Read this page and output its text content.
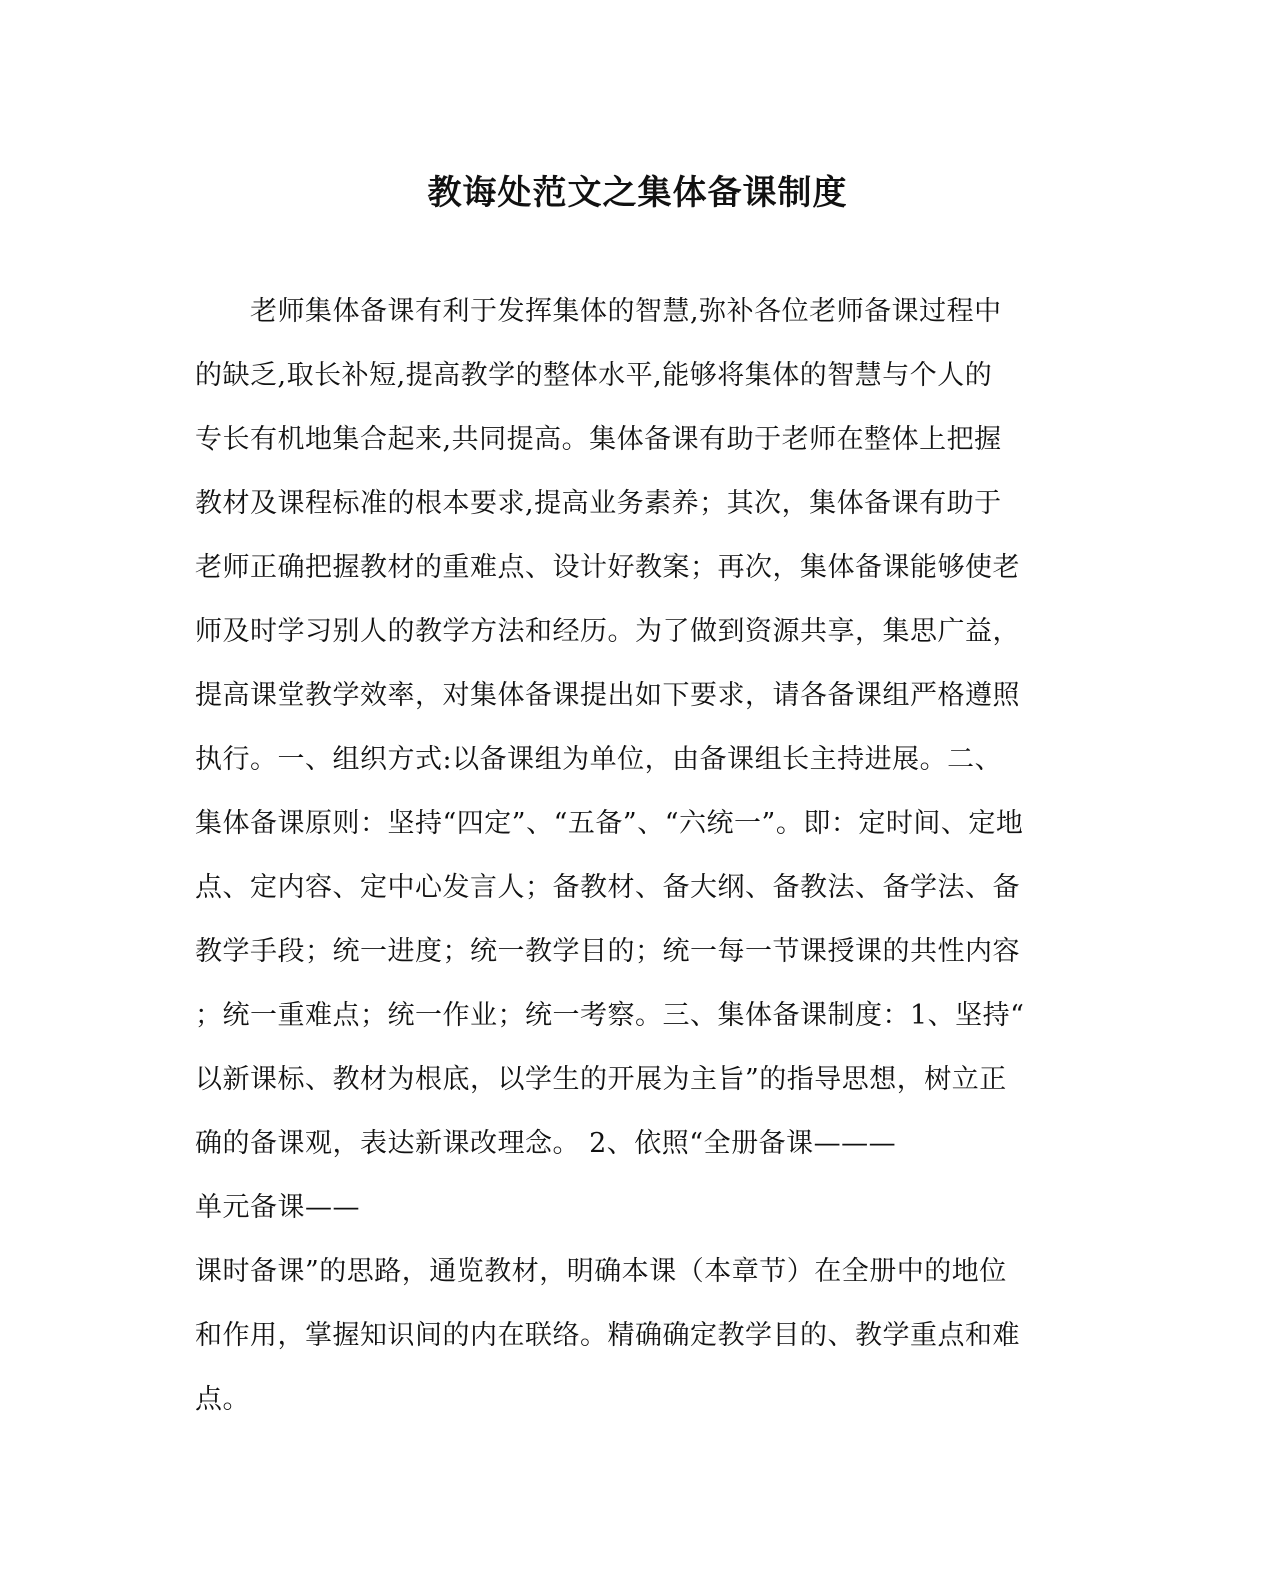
教诲处范文之集体备课制度
老师集体备课有利于发挥集体的智慧,弥补各位老师备课过程中
的缺乏,取长补短,提高教学的整体水平,能够将集体的智慧与个人的
专长有机地集合起来,共同提高。集体备课有助于老师在整体上把握
教材及课程标准的根本要求,提高业务素养；其次，集体备课有助于
老师正确把握教材的重难点、设计好教案；再次，集体备课能够使老
师及时学习别人的教学方法和经历。为了做到资源共享，集思广益，
提高课堂教学效率，对集体备课提出如下要求，请各备课组严格遵照
执行。一、组织方式:以备课组为单位，由备课组长主持进展。二、
集体备课原则：坚持“四定”、“五备”、“六统一”。即：定时间、定地
点、定内容、定中心发言人；备教材、备大纲、备教法、备学法、备
教学手段；统一进度；统一教学目的；统一每一节课授课的共性内容
；统一重难点；统一作业；统一考察。三、集体备课制度：1、坚持“
以新课标、教材为根底，以学生的开展为主旨”的指导思想，树立正
确的备课观，表达新课改理念。 2、依照“全册备课———
单元备课——
课时备课”的思路，通览教材，明确本课（本章节）在全册中的地位
和作用，掌握知识间的内在联络。精确确定教学目的、教学重点和难
点。
